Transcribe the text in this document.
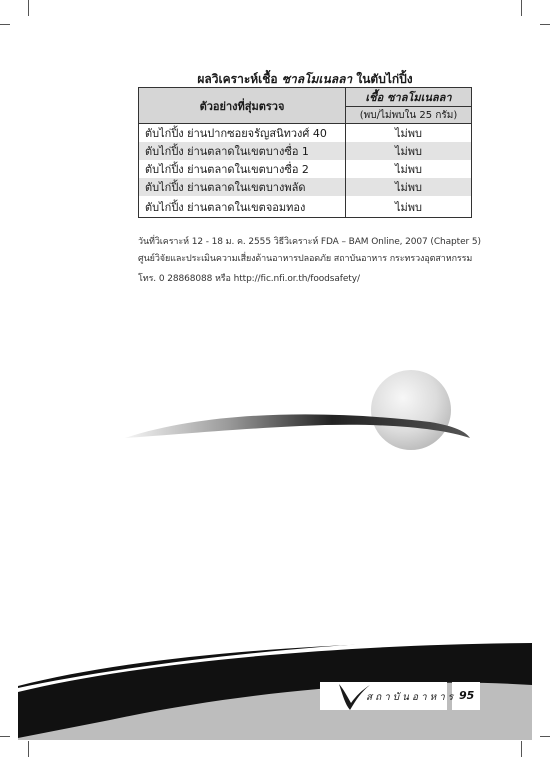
ผลวิเคราะห์เชื้อ ซาลโมเนลลา ในตับไก่ปิ้ง
ตัวอย่างที่สุ่มตรวจ	เชื้อ ซาลโมเนลลา
	(พบ/ไม่พบใน 25 กรัม)
ตับไก่ปิ้ง ย่านปากซอยจรัญสนิทวงศ์ 40	ไม่พบ
ตับไก่ปิ้ง ย่านตลาดในเขตบางซื่อ 1	ไม่พบ
ตับไก่ปิ้ง ย่านตลาดในเขตบางซื่อ 2	ไม่พบ
ตับไก่ปิ้ง ย่านตลาดในเขตบางพลัด	ไม่พบ
ตับไก่ปิ้ง ย่านตลาดในเขตจอมทอง	ไม่พบ
วันที่วิเคราะห์ 12 - 18 ม. ค. 2555 วิธีวิเคราะห์ FDA – BAM Online, 2007 (Chapter 5)
ศูนย์วิจัยและประเมินความเสี่ยงด้านอาหารปลอดภัย สถาบันอาหาร กระทรวงอุตสาหกรรม
โทร. 0 28868088 หรือ http://fic.nfi.or.th/foodsafety/
สถาบันอาหาร 95
